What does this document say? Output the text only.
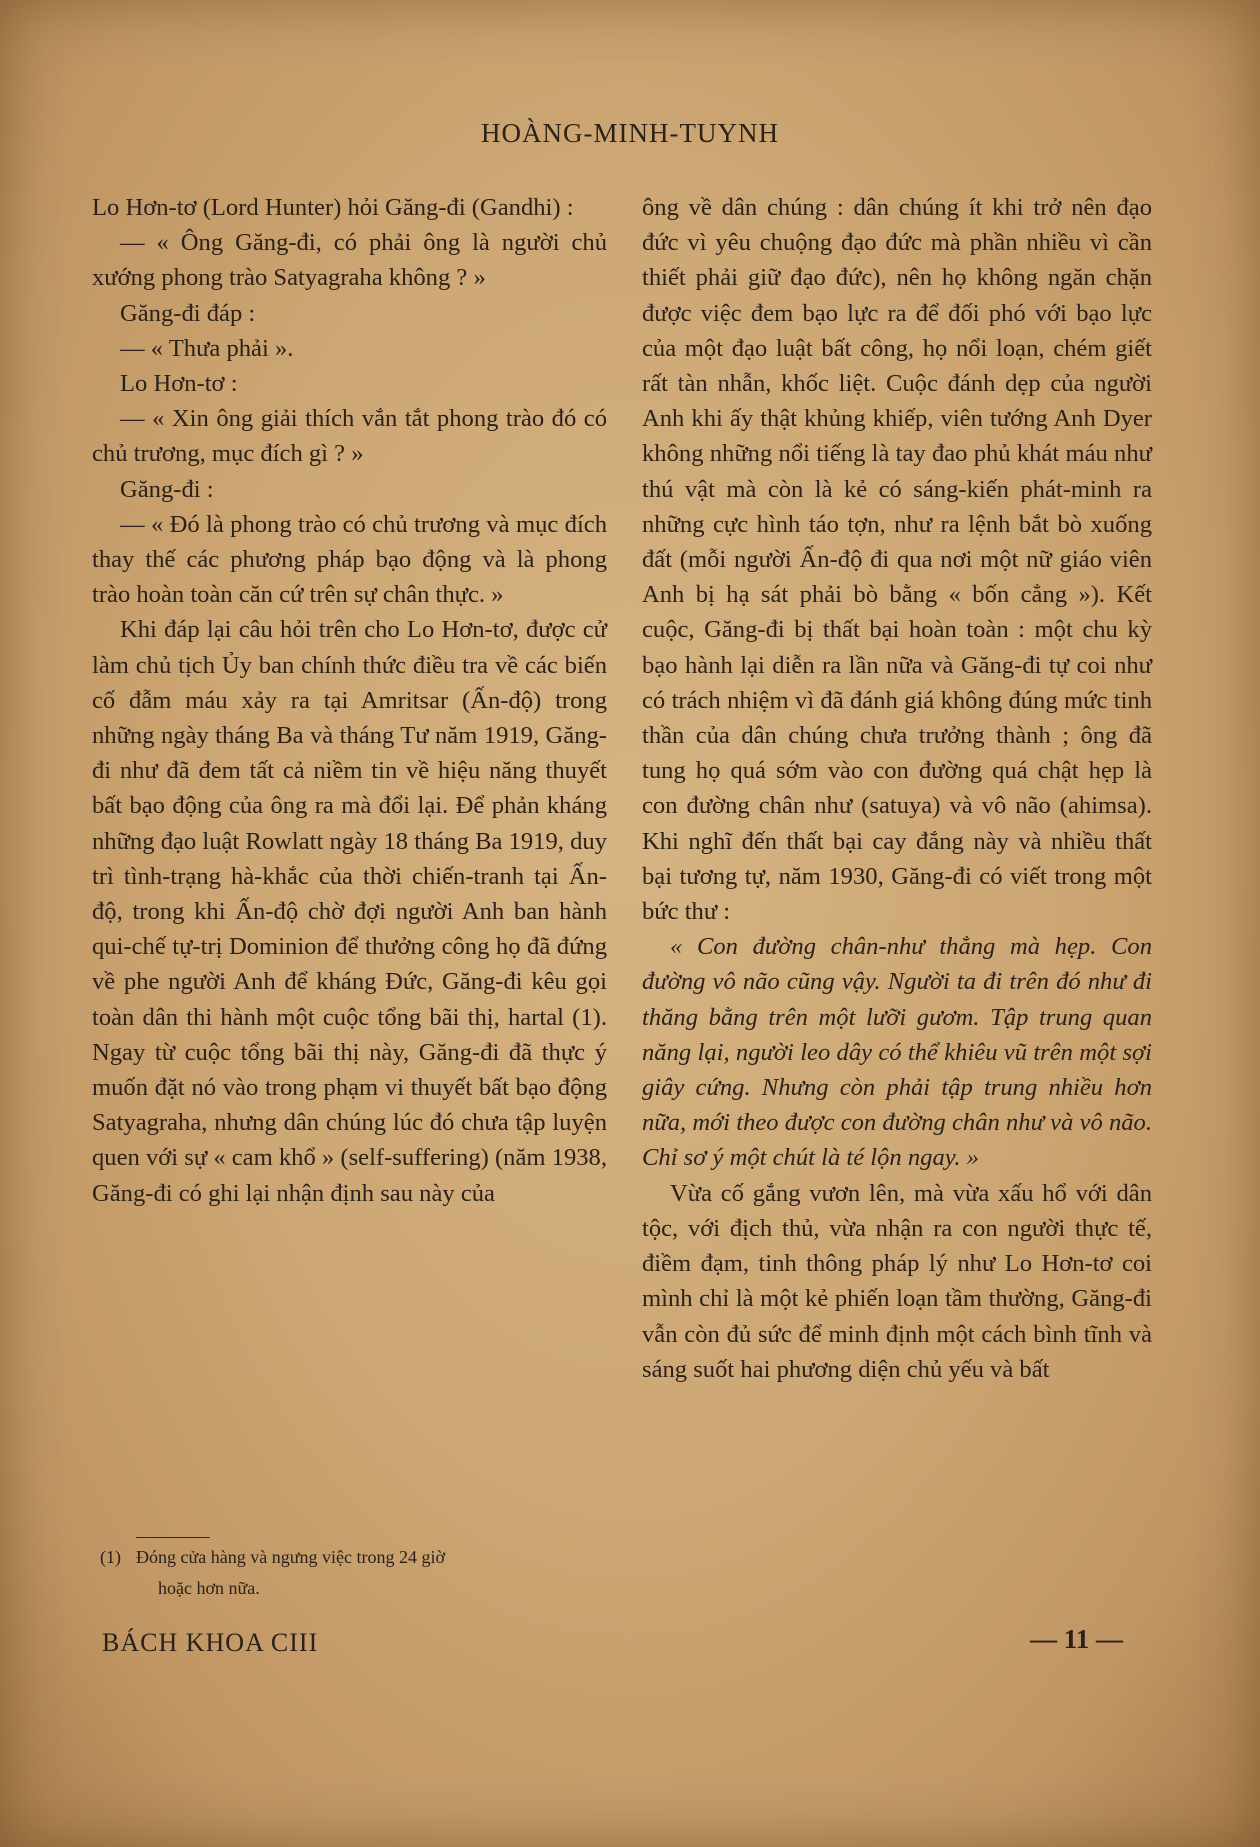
HOÀNG-MINH-TUYNH

Lo Hơn-tơ (Lord Hunter) hỏi Găng-đi (Gandhi) :

— « Ông Găng-đi, có phải ông là người chủ xướng phong trào Satyagraha không ? »

Găng-đi đáp :

— « Thưa phải ».

Lo Hơn-tơ :

— « Xin ông giải thích vắn tắt phong trào đó có chủ trương, mục đích gì ? »

Găng-đi :

— « Đó là phong trào có chủ trương và mục đích thay thế các phương pháp bạo động và là phong trào hoàn toàn căn cứ trên sự chân thực. »

Khi đáp lại câu hỏi trên cho Lo Hơn-tơ, được cử làm chủ tịch Ủy ban chính thức điều tra về các biến cố đẫm máu xảy ra tại Amritsar (Ấn-độ) trong những ngày tháng Ba và tháng Tư năm 1919, Găng-đi như đã đem tất cả niềm tin về hiệu năng thuyết bất bạo động của ông ra mà đổi lại. Để phản kháng những đạo luật Rowlatt ngày 18 tháng Ba 1919, duy trì tình-trạng hà-khắc của thời chiến-tranh tại Ấn-độ, trong khi Ấn-độ chờ đợi người Anh ban hành qui-chế tự-trị Dominion để thưởng công họ đã đứng về phe người Anh để kháng Đức, Găng-đi kêu gọi toàn dân thi hành một cuộc tổng bãi thị, hartal (1). Ngay từ cuộc tổng bãi thị này, Găng-đi đã thực ý muốn đặt nó vào trong phạm vi thuyết bất bạo động Satyagraha, nhưng dân chúng lúc đó chưa tập luyện quen với sự « cam khổ » (self-suffering) (năm 1938, Găng-đi có ghi lại nhận định sau này của

ông về dân chúng : dân chúng ít khi trở nên đạo đức vì yêu chuộng đạo đức mà phần nhiều vì cần thiết phải giữ đạo đức), nên họ không ngăn chặn được việc đem bạo lực ra để đối phó với bạo lực của một đạo luật bất công, họ nổi loạn, chém giết rất tàn nhẫn, khốc liệt. Cuộc đánh dẹp của người Anh khi ấy thật khủng khiếp, viên tướng Anh Dyer không những nổi tiếng là tay đao phủ khát máu như thú vật mà còn là kẻ có sáng-kiến phát-minh ra những cực hình táo tợn, như ra lệnh bắt bò xuống đất (mỗi người Ấn-độ đi qua nơi một nữ giáo viên Anh bị hạ sát phải bò bằng « bốn cẳng »). Kết cuộc, Găng-đi bị thất bại hoàn toàn : một chu kỳ bạo hành lại diễn ra lần nữa và Găng-đi tự coi như có trách nhiệm vì đã đánh giá không đúng mức tinh thần của dân chúng chưa trưởng thành ; ông đã tung họ quá sớm vào con đường quá chật hẹp là con đường chân như (satuya) và vô não (ahimsa). Khi nghĩ đến thất bại cay đắng này và nhiều thất bại tương tự, năm 1930, Găng-đi có viết trong một bức thư :

« Con đường chân-như thẳng mà hẹp. Con đường vô não cũng vậy. Người ta đi trên đó như đi thăng bằng trên một lưỡi gươm. Tập trung quan năng lại, người leo dây có thể khiêu vũ trên một sợi giây cứng. Nhưng còn phải tập trung nhiều hơn nữa, mới theo được con đường chân như và vô não. Chỉ sơ ý một chút là té lộn ngay. »

Vừa cố gắng vươn lên, mà vừa xấu hổ với dân tộc, với địch thủ, vừa nhận ra con người thực tế, điềm đạm, tinh thông pháp lý như Lo Hơn-tơ coi mình chỉ là một kẻ phiến loạn tầm thường, Găng-đi vẫn còn đủ sức để minh định một cách bình tĩnh và sáng suốt hai phương diện chủ yếu và bất

(1) Đóng cửa hàng và ngưng việc trong 24 giờ
hoặc hơn nữa.
BÁCH KHOA CIII	— 11 —
